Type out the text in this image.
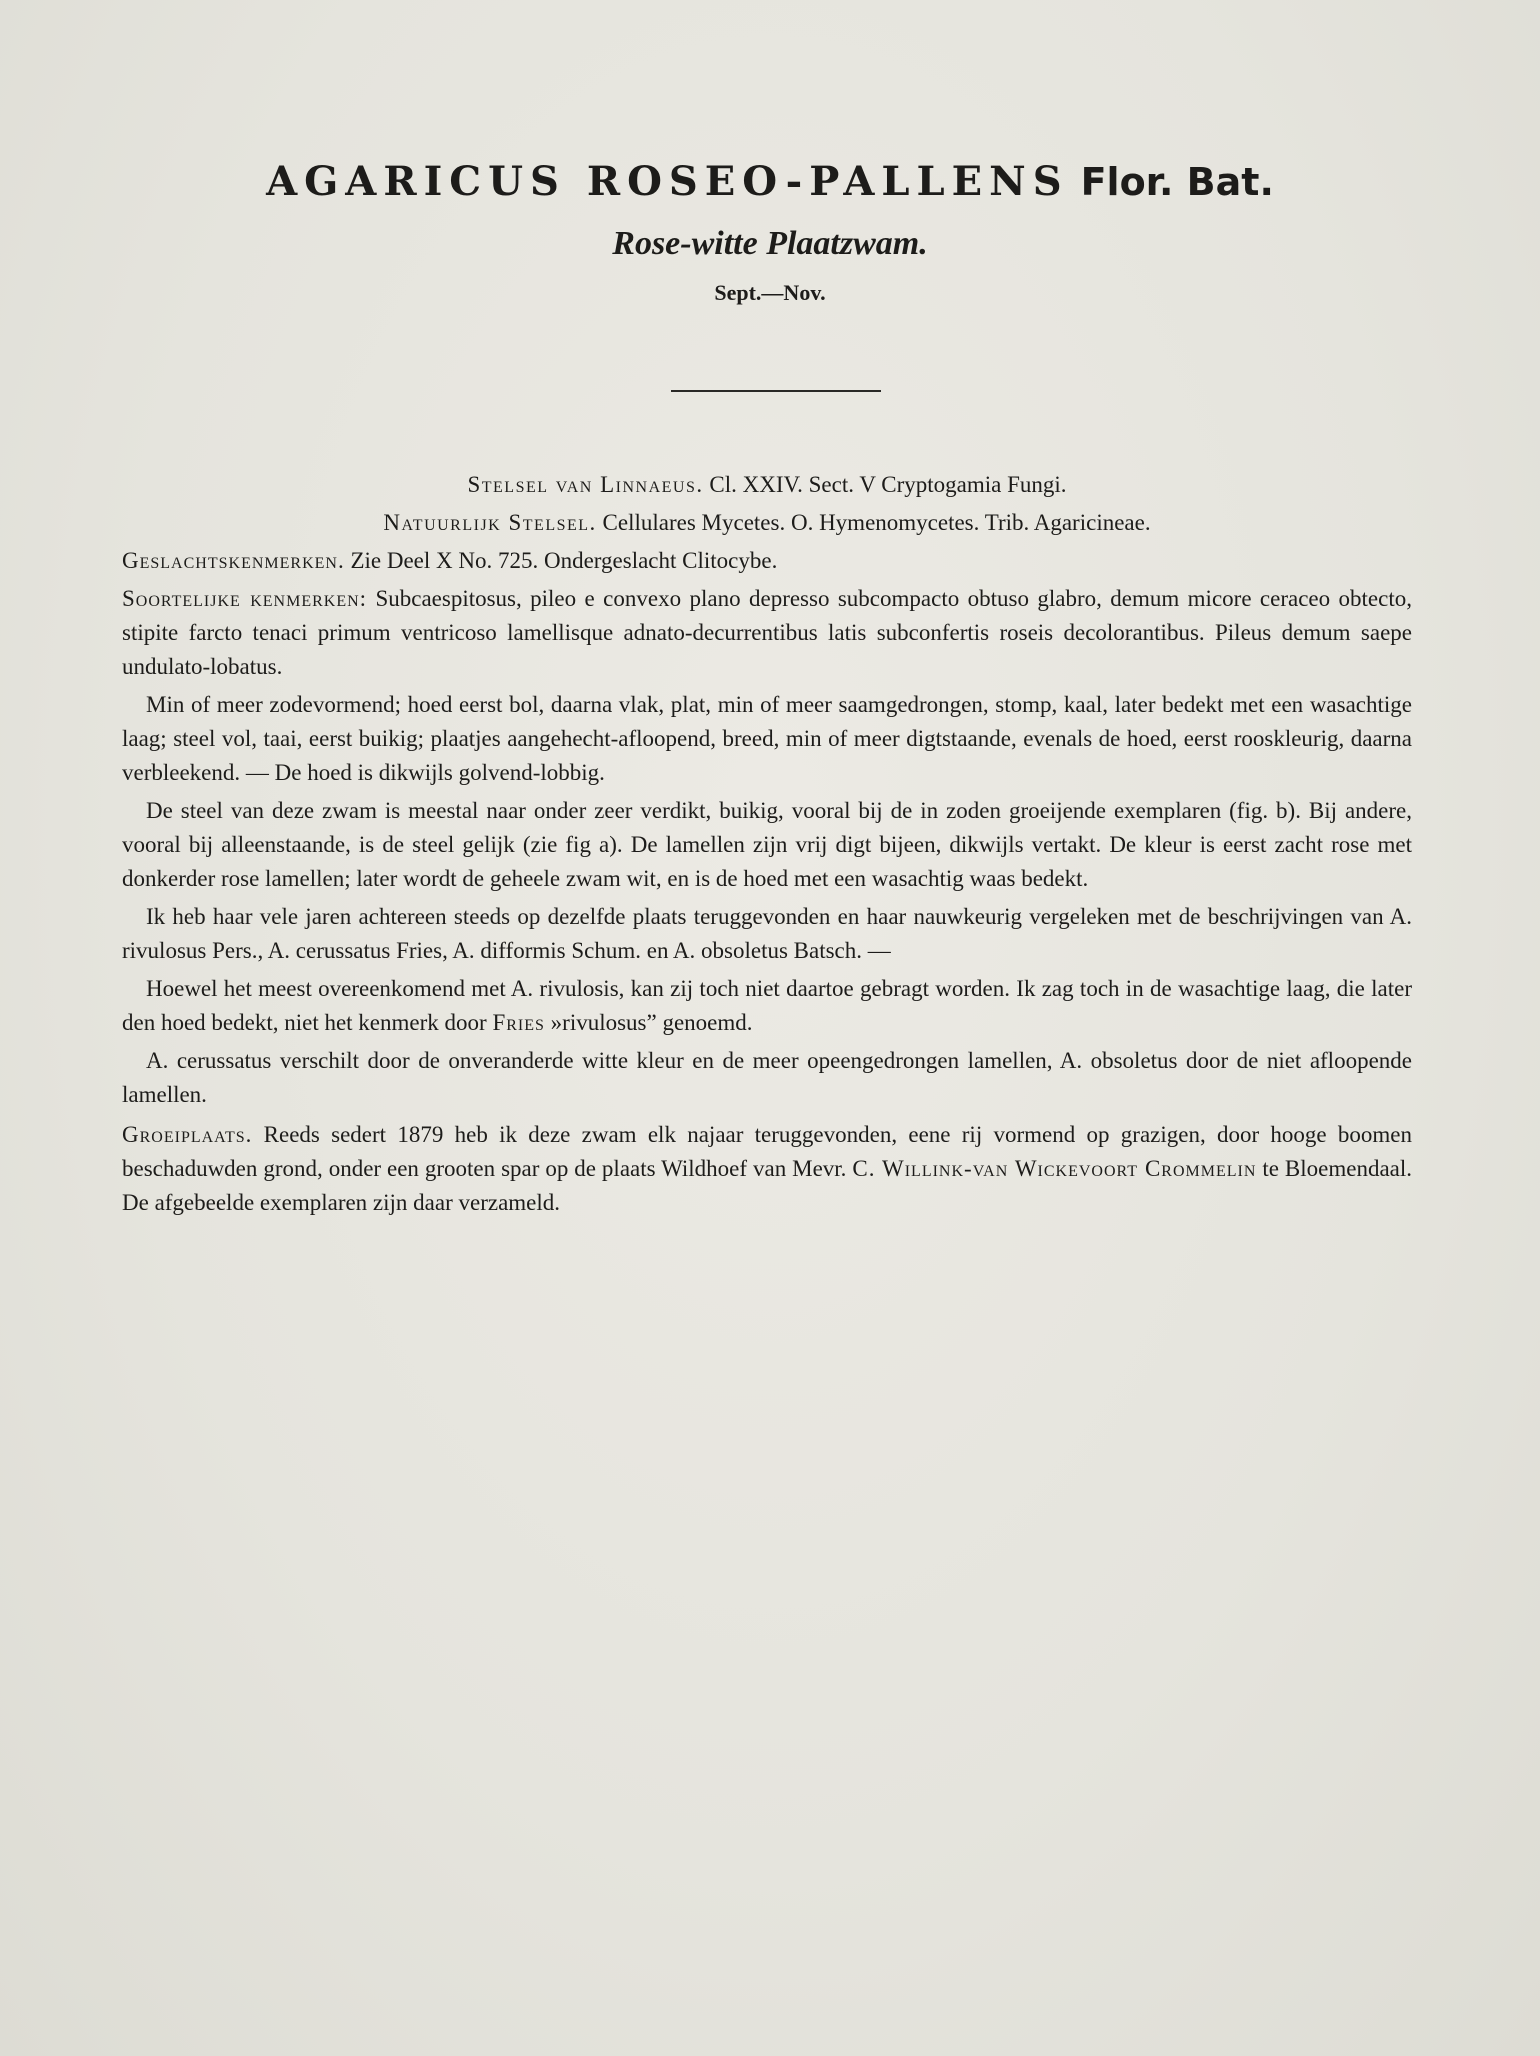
AGARICUS ROSEO-PALLENS Flor. Bat.
Rose-witte Plaatzwam.
Sept.—Nov.

Stelsel van Linnaeus. Cl. XXIV. Sect. V Cryptogamia Fungi.

Natuurlijk Stelsel. Cellulares Mycetes. O. Hymenomycetes. Trib. Agaricineae.

Geslachtskenmerken. Zie Deel X No. 725. Ondergeslacht Clitocybe.

Soortelijke kenmerken: Subcaespitosus, pileo e convexo plano depresso subcompacto obtuso glabro, demum micore ceraceo obtecto, stipite farcto tenaci primum ventricoso lamellisque adnato-decurrentibus latis subconfertis roseis decolorantibus. Pileus demum saepe undulato-lobatus.

Min of meer zodevormend; hoed eerst bol, daarna vlak, plat, min of meer saamgedrongen, stomp, kaal, later bedekt met een wasachtige laag; steel vol, taai, eerst buikig; plaatjes aangehecht-afloopend, breed, min of meer digtstaande, evenals de hoed, eerst rooskleurig, daarna verbleekend. — De hoed is dikwijls golvend-lobbig.

De steel van deze zwam is meestal naar onder zeer verdikt, buikig, vooral bij de in zoden groeijende exemplaren (fig. b). Bij andere, vooral bij alleenstaande, is de steel gelijk (zie fig a). De lamellen zijn vrij digt bijeen, dikwijls vertakt. De kleur is eerst zacht rose met donkerder rose lamellen; later wordt de geheele zwam wit, en is de hoed met een wasachtig waas bedekt.

Ik heb haar vele jaren achtereen steeds op dezelfde plaats teruggevonden en haar nauwkeurig vergeleken met de beschrijvingen van A. rivulosus Pers., A. cerussatus Fries, A. difformis Schum. en A. obsoletus Batsch. —

Hoewel het meest overeenkomend met A. rivulosis, kan zij toch niet daartoe gebragt worden. Ik zag toch in de wasachtige laag, die later den hoed bedekt, niet het kenmerk door Fries »rivulosus” genoemd.

A. cerussatus verschilt door de onveranderde witte kleur en de meer opeengedrongen lamellen, A. obsoletus door de niet afloopende lamellen.

Groeiplaats. Reeds sedert 1879 heb ik deze zwam elk najaar teruggevonden, eene rij vormend op grazigen, door hooge boomen beschaduwden grond, onder een grooten spar op de plaats Wildhoef van Mevr. C. Willink-van Wickevoort Crommelin te Bloemendaal. De afgebeelde exemplaren zijn daar verzameld.
